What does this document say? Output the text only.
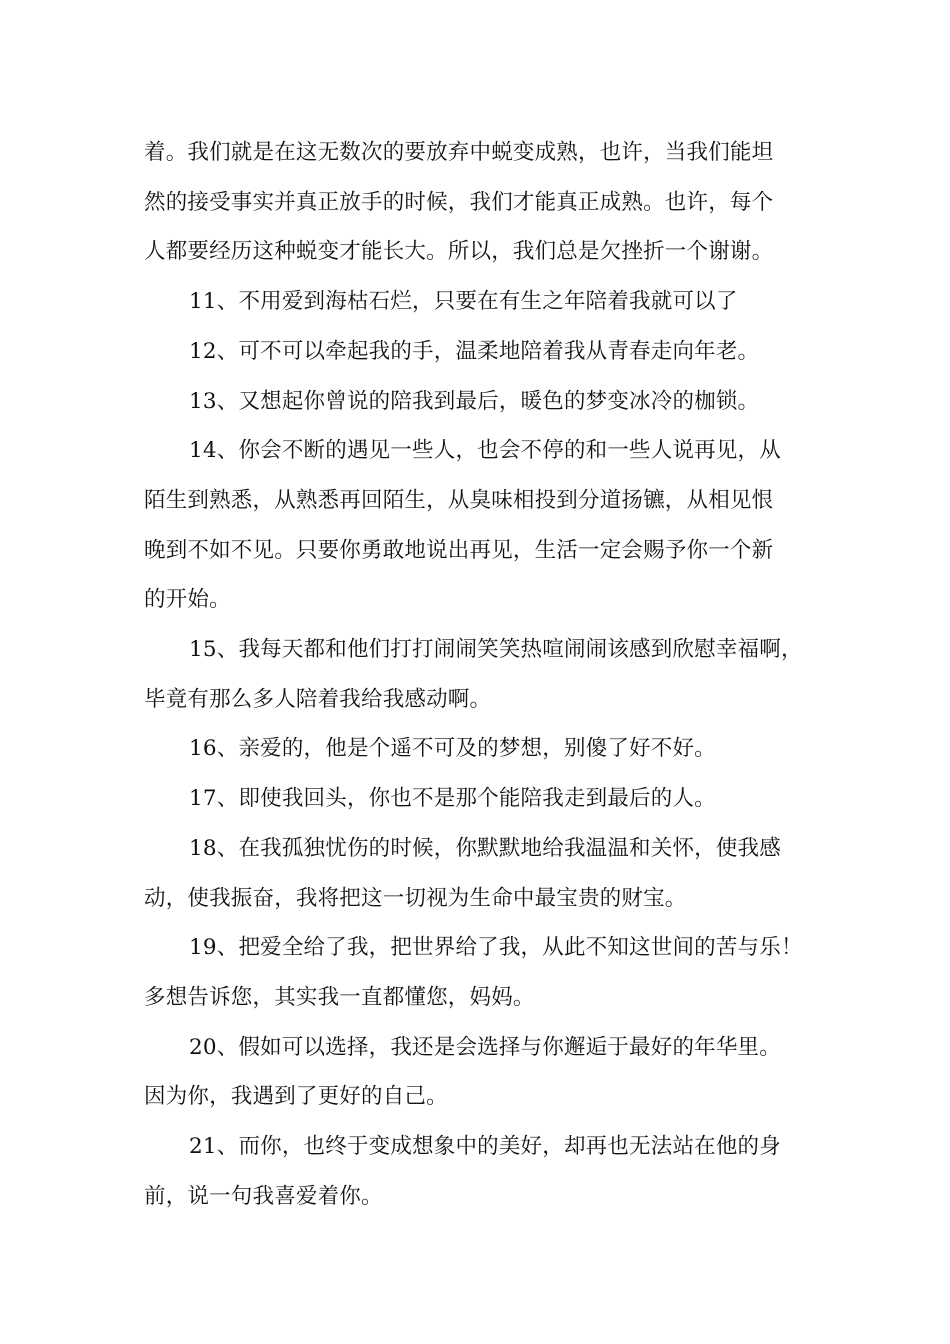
着。我们就是在这无数次的要放弃中蜕变成熟，也许，当我们能坦
然的接受事实并真正放手的时候，我们才能真正成熟。也许，每个
人都要经历这种蜕变才能长大。所以，我们总是欠挫折一个谢谢。

11、不用爱到海枯石烂，只要在有生之年陪着我就可以了

12、可不可以牵起我的手，温柔地陪着我从青春走向年老。

13、又想起你曾说的陪我到最后，暖色的梦变冰冷的枷锁。

14、你会不断的遇见一些人，也会不停的和一些人说再见，从
陌生到熟悉，从熟悉再回陌生，从臭味相投到分道扬镳，从相见恨
晚到不如不见。只要你勇敢地说出再见，生活一定会赐予你一个新
的开始。

15、我每天都和他们打打闹闹笑笑热喧闹闹该感到欣慰幸福啊，
毕竟有那么多人陪着我给我感动啊。

16、亲爱的，他是个遥不可及的梦想，别傻了好不好。

17、即使我回头，你也不是那个能陪我走到最后的人。

18、在我孤独忧伤的时候，你默默地给我温温和关怀，使我感
动，使我振奋，我将把这一切视为生命中最宝贵的财宝。

19、把爱全给了我，把世界给了我，从此不知这世间的苦与乐！
多想告诉您，其实我一直都懂您，妈妈。

20、假如可以选择，我还是会选择与你邂逅于最好的年华里。
因为你，我遇到了更好的自己。

21、而你，也终于变成想象中的美好，却再也无法站在他的身
前，说一句我喜爱着你。
